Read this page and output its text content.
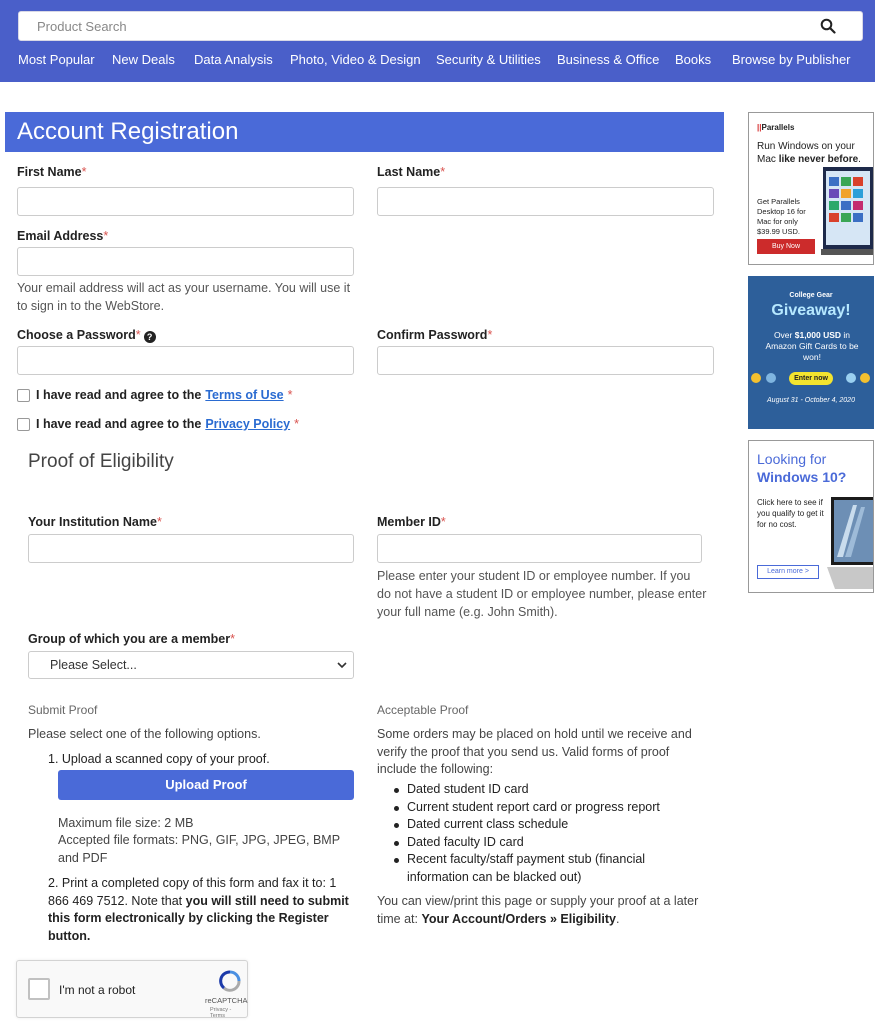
Product Search
Most Popular New Deals Data Analysis Photo, Video & Design Security & Utilities Business & Office Books Browse by Publisher
Account Registration
First Name*	Last Name*
Email Address*
Your email address will act as your username. You will use it to sign in to the WebStore.
Choose a Password* ?	Confirm Password*
I have read and agree to the Terms of Use *
I have read and agree to the Privacy Policy *
Proof of Eligibility
Your Institution Name*	Member ID*
Please enter your student ID or employee number. If you do not have a student ID or employee number, please enter your full name (e.g. John Smith).
Group of which you are a member*
Please Select...
Submit Proof
Please select one of the following options.
1. Upload a scanned copy of your proof.
Upload Proof
Maximum file size: 2 MB
Accepted file formats: PNG, GIF, JPG, JPEG, BMP and PDF
2. Print a completed copy of this form and fax it to: 1 866 469 7512. Note that you will still need to submit this form electronically by clicking the Register button.
Acceptable Proof
Some orders may be placed on hold until we receive and verify the proof that you send us. Valid forms of proof include the following:
Dated student ID card
Current student report card or progress report
Dated current class schedule
Dated faculty ID card
Recent faculty/staff payment stub (financial information can be blacked out)
You can view/print this page or supply your proof at a later time at: Your Account/Orders » Eligibility.
I'm not a robot
reCAPTCHA
Privacy - Terms
||Parallels
Run Windows on your Mac like never before.
Get Parallels Desktop 16 for Mac for only $39.99 USD.
Buy Now
College Gear
Giveaway!
Over $1,000 USD in Amazon Gift Cards to be won!
Enter now
August 31 - October 4, 2020
Looking for
Windows 10?
Click here to see if you qualify to get it for no cost.
Learn more >
